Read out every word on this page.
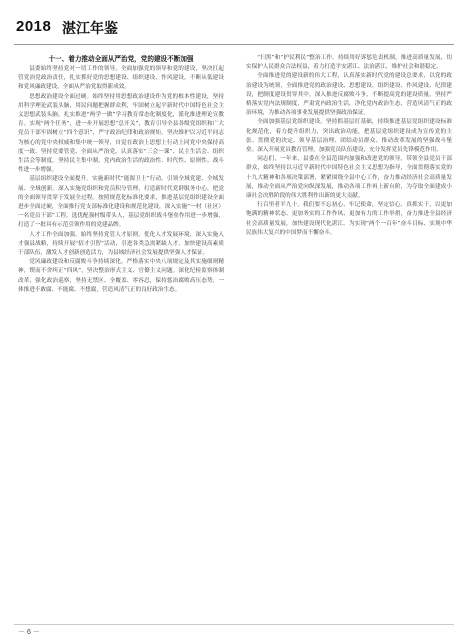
2018 湛江年鉴
十一、着力推动全面从严治党，党的建设不断加强

县委始终坚持党对一切工作的领导，全面加强党的领导和党的建设，坚决扛起管党治党政治责任，扎实抓好党的思想建设、组织建设、作风建设，不断从低建设和党风廉政建设，全面从严治党取得新成效。

思想政治建设全面过硬。始终坚持用思想政治建设作为党的根本性建设，坚持用科学理论武装头脑，用民问题把握群众利，牢固树立起平新时代中国特色社会主义思想武装头脑。扎实推进“两学一做”学习教育常态化制度化，派化推进理论宣教育。实现“两个任务”，进一步开展思想“总开关”，教育引导全县各级党组织和广大党员干部牢固树立“四个意识”，严守政治纪律和政治规矩。坚决维护以习近平同志为核心的党中央权威和集中统一领导，自觉在政治上思想上行动上同党中央保持高度一致。坚持党要管党、全面从严治党，认真落实“三会一课”、民主生活会、组织生活会等制度。坚持民主集中制，党内政治生活的政治性、时代性、原则性、战斗性进一步增强。

基层组织建设全面提升。实施新时代“能源卫士”行动，引领全域党建、全域发展、全域创新。深入实施党组织和党员积分管理，打造新时代党群服务中心，把党的全面领导贯穿于发展全过程。按照规范化标准化要求，推进基层党组织建设全面进步全面过硬，全面推行党支部标准化建设和规范化建设，深入实施“一村（社区）一名党员干部”工程，选优配强村级带头人，基层党组织战斗堡垒作用进一步增强，打造了一批具有示范引领作用的党建品牌。

人才工作全面加强。始终坚持党管人才原则，优化人才发展环境，深入实施人才强县战略，持续开展“招才引智”活动，引进各类急需紧缺人才，加快建设高素质干部队伍，激发人才创新创造活力，为县域经济社会发展提供坚强人才保证。

党风廉政建设和反腐败斗争持续深化。严格落实中央八项规定及其实施细则精神，锲而不舍纠正“四风”，坚决整治形式主义、官僚主义问题。深化纪检监察体制改革，强化政治巡察，坚持无禁区、全覆盖、零容忍，保持惩治腐败高压态势，一体推进不敢腐、不能腐、不想腐，营造风清气正的良好政治生态。

“扫黑”和“护民利民”整治工作。持续用好诉惩危责机制，推进高质量发展，切实保护人民群众合法权益，着力打造平安湛江、法治湛江，维护社会和谐稳定。

全面推进党的建设新的伟大工程，认真落实新时代党的建设总要求，以党的政治建设为统领，全面推进党的政治建设、思想建设、组织建设、作风建设、纪律建设，把制度建设贯穿其中，深入推进反腐败斗争，不断提高党的建设质量。坚持严格落实党内法规制度，严肃党内政治生活，净化党内政治生态，营造风清气正的政治环境，为推动各项事业发展提供坚强政治保证。

全面加强基层党组织建设。坚持抓基层打基础，持续推进基层党组织建设标准化规范化，着力提升组织力，突出政治功能，把基层党组织建设成为宣传党的主张、贯彻党的决定、领导基层治理、团结动员群众、推动改革发展的坚强战斗堡垒。深入开展党员教育管理，加强党员队伍建设，充分发挥党员先锋模范作用。

同志们，一年来，县委在全县范围内加强和改进党的领导，带领全县党员干部群众，始终坚持以习近平新时代中国特色社会主义思想为指导，全面贯彻落实党的十九大精神和各项决策部署，紧紧围绕全县中心工作，奋力推动经济社会高质量发展，推动全面从严治党向纵深发展，推动各项工作再上新台阶，为夺取全面建成小康社会决胜阶段的伟大胜利作出新的更大贡献。

行百里者半九十。我们要不忘初心、牢记使命，坚定信心、真抓实干，以更加饱满的精神状态、更加务实的工作作风、更加有力的工作举措，奋力推进全县经济社会高质量发展，加快建设现代化湛江，为实现“两个一百年”奋斗目标、实现中华民族伟大复兴的中国梦而不懈奋斗。

－ 6 －
